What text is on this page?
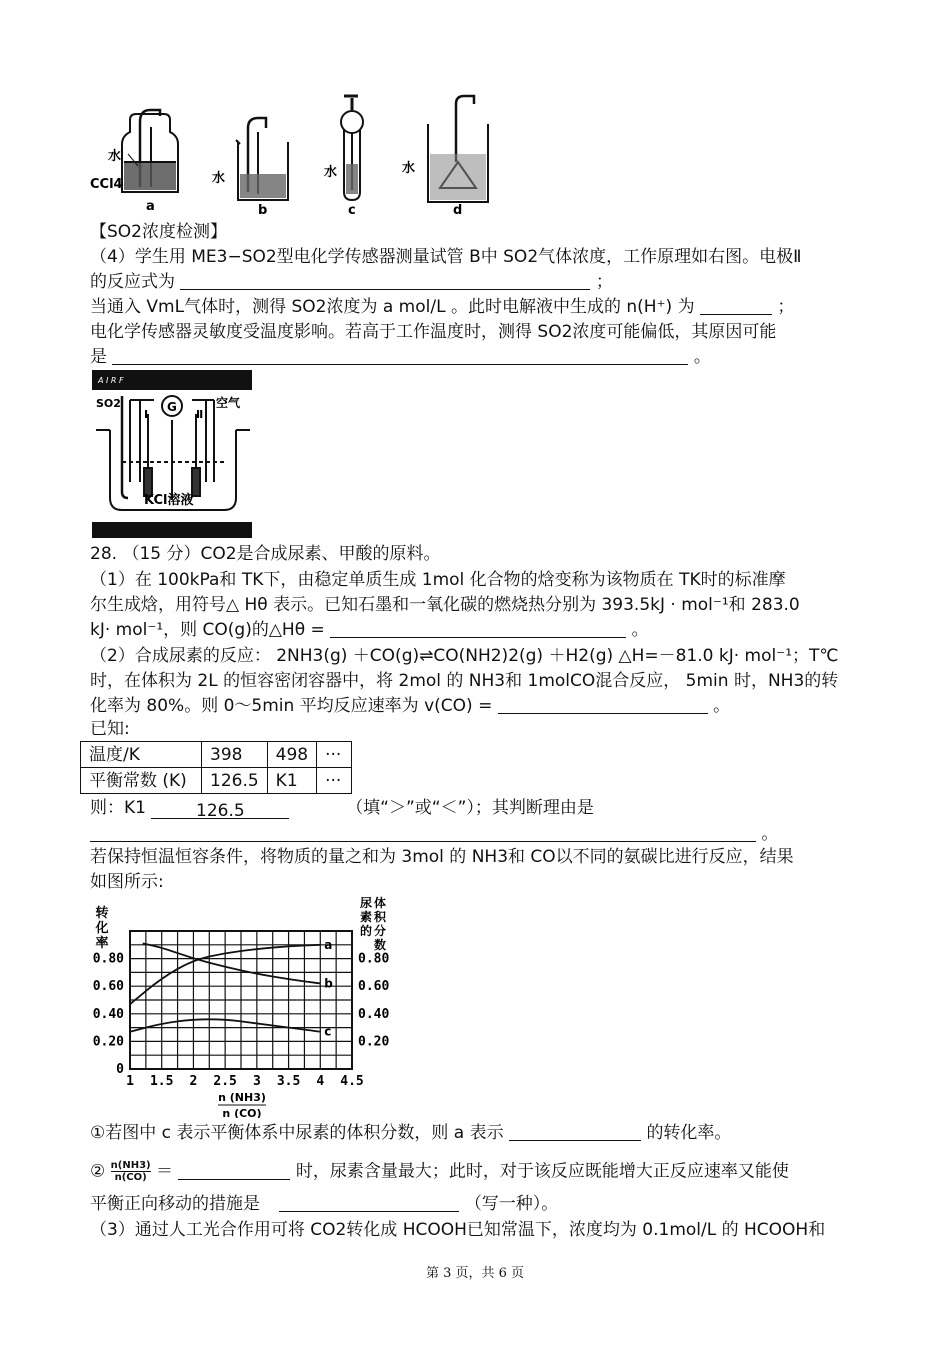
水
CCl4
a
水
b
水
c
水
d
【SO2浓度检测】
（4）学生用 ME3−SO2型电化学传感器测量试管 B中 SO2气体浓度，工作原理如右图。电极Ⅱ
的反应式为	；
当通入 VmL气体时，测得 SO2浓度为 a mol/L 。此时电解液中生成的 n(H⁺) 为	；
电化学传感器灵敏度受温度影响。若高于工作温度时，测得 SO2浓度可能偏低，其原因可能
是	。
A I R F
G
SO2
Ⅰ	Ⅱ
空气
KCl溶液
28. （15 分）CO2是合成尿素、甲酸的原料。
（1）在 100kPa和 TK下，由稳定单质生成 1mol 化合物的焓变称为该物质在 TK时的标准摩
尔生成焓，用符号△ Hθ 表示。已知石墨和一氧化碳的燃烧热分别为 393.5kJ · mol⁻¹和 283.0
kJ· mol⁻¹，则 CO(g)的△Hθ =	。
（2）合成尿素的反应： 2NH3(g) ＋CO(g)⇌CO(NH2)2(g) ＋H2(g) △H=－81.0 kJ· mol⁻¹；T℃
时，在体积为 2L 的恒容密闭容器中，将 2mol 的 NH3和 1molCO混合反应， 5min 时，NH3的转
化率为 80%。则 0～5min 平均反应速率为 v(CO) =	。
已知:
温度/K	398	498	···
平衡常数 (K)	126.5	K1	···
则：K1	126.5	（填“＞”或“＜”）；其判断理由是
。
若保持恒温恒容条件，将物质的量之和为 3mol 的 NH3和 CO以不同的氨碳比进行反应，结果
如图所示:
a
b
c
0
0.20	0.20
0.40	0.40
0.60	0.60
0.80	0.80
1 1.5 2 2.5 3 3.5 4 4.5
转
化
率
尿
素
的
体
积
分
数
n (NH3)
n (CO)
①若图中 c 表示平衡体系中尿素的体积分数，则 a 表示	的转化率。
② $\frac{n(NH3)}{n(CO)}$ ＝	时，尿素含量最大；此时，对于该反应既能增大正反应速率又能使
平衡正向移动的措施是	（写一种）。
（3）通过人工光合作用可将 CO2转化成 HCOOH已知常温下，浓度均为 0.1mol/L 的 HCOOH和
第 3 页，共 6 页
